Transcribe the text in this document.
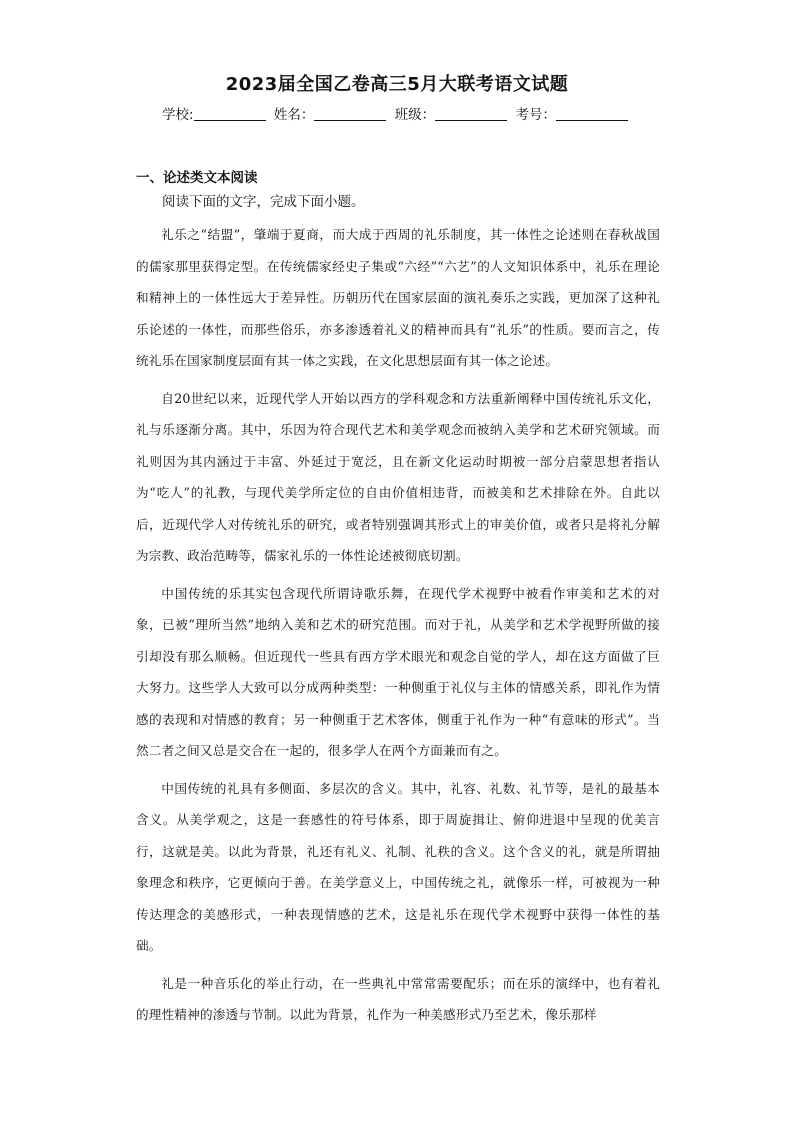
2023届全国乙卷高三5月大联考语文试题
学校:	姓名：	班级：	考号：
一、论述类文本阅读
阅读下面的文字，完成下面小题。

礼乐之“结盟”，肇端于夏商，而大成于西周的礼乐制度，其一体性之论述则在春秋战国的儒家那里获得定型。在传统儒家经史子集或“六经”“六艺”的人文知识体系中，礼乐在理论和精神上的一体性远大于差异性。历朝历代在国家层面的演礼奏乐之实践，更加深了这种礼乐论述的一体性，而那些俗乐，亦多渗透着礼义的精神而具有“礼乐”的性质。要而言之，传统礼乐在国家制度层面有其一体之实践，在文化思想层面有其一体之论述。

自20世纪以来，近现代学人开始以西方的学科观念和方法重新阐释中国传统礼乐文化，礼与乐逐渐分离。其中，乐因为符合现代艺术和美学观念而被纳入美学和艺术研究领域。而礼则因为其内涵过于丰富、外延过于宽泛，且在新文化运动时期被一部分启蒙思想者指认为“吃人”的礼教，与现代美学所定位的自由价值相违背，而被美和艺术排除在外。自此以后，近现代学人对传统礼乐的研究，或者特别强调其形式上的审美价值，或者只是将礼分解为宗教、政治范畴等，儒家礼乐的一体性论述被彻底切割。

中国传统的乐其实包含现代所谓诗歌乐舞，在现代学术视野中被看作审美和艺术的对象，已被“理所当然”地纳入美和艺术的研究范围。而对于礼，从美学和艺术学视野所做的接引却没有那么顺畅。但近现代一些具有西方学术眼光和观念自觉的学人，却在这方面做了巨大努力。这些学人大致可以分成两种类型：一种侧重于礼仪与主体的情感关系，即礼作为情感的表现和对情感的教育；另一种侧重于艺术客体，侧重于礼作为一种“有意味的形式”。当然二者之间又总是交合在一起的，很多学人在两个方面兼而有之。

中国传统的礼具有多侧面、多层次的含义。其中，礼容、礼数、礼节等，是礼的最基本含义。从美学观之，这是一套感性的符号体系，即于周旋揖让、俯仰进退中呈现的优美言行，这就是美。以此为背景，礼还有礼义、礼制、礼秩的含义。这个含义的礼，就是所谓抽象理念和秩序，它更倾向于善。在美学意义上，中国传统之礼，就像乐一样，可被视为一种传达理念的美感形式，一种表现情感的艺术，这是礼乐在现代学术视野中获得一体性的基础。

礼是一种音乐化的举止行动，在一些典礼中常常需要配乐；而在乐的演绎中，也有着礼的理性精神的渗透与节制。以此为背景，礼作为一种美感形式乃至艺术，像乐那样
